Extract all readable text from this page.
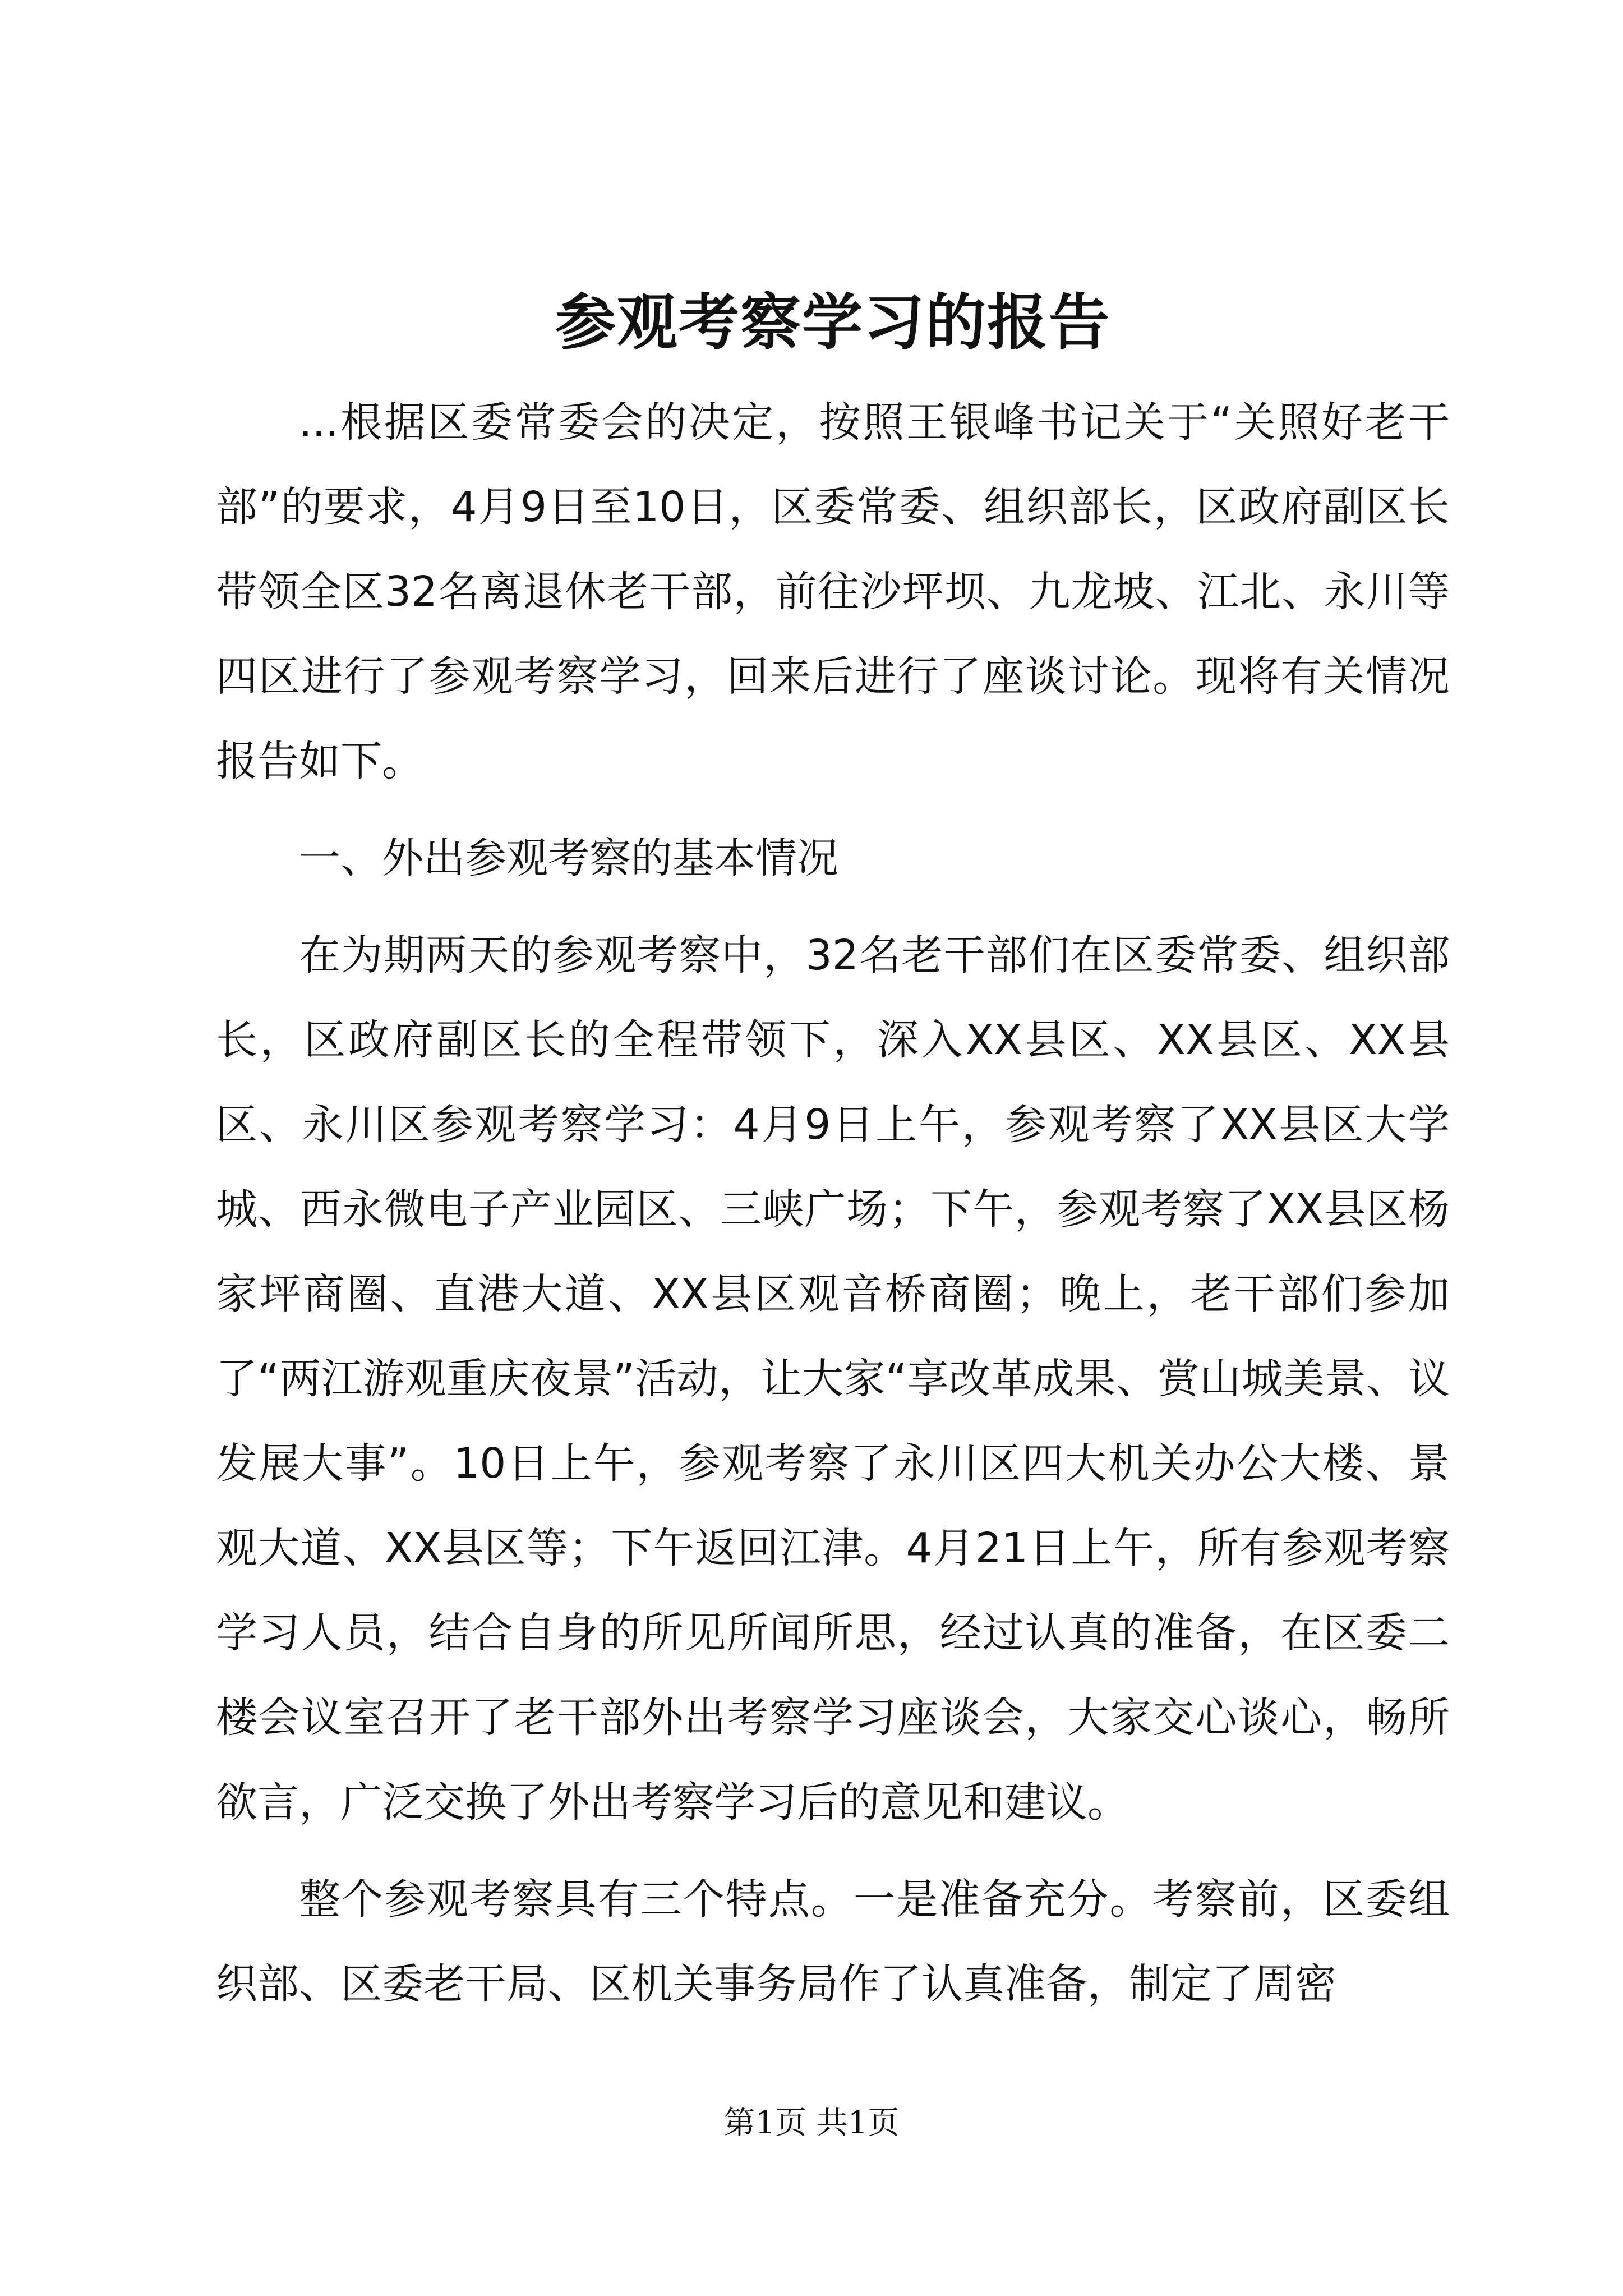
参观考察学习的报告

...根据区委常委会的决定，按照王银峰书记关于“关照好老干部”的要求，4月9日至10日，区委常委、组织部长，区政府副区长带领全区32名离退休老干部，前往沙坪坝、九龙坡、江北、永川等四区进行了参观考察学习，回来后进行了座谈讨论。现将有关情况报告如下。

一、外出参观考察的基本情况

在为期两天的参观考察中，32名老干部们在区委常委、组织部长，区政府副区长的全程带领下，深入XX县区、XX县区、XX县区、永川区参观考察学习：4月9日上午，参观考察了XX县区大学城、西永微电子产业园区、三峡广场；下午，参观考察了XX县区杨家坪商圈、直港大道、XX县区观音桥商圈；晚上，老干部们参加了“两江游观重庆夜景”活动，让大家“享改革成果、赏山城美景、议发展大事”。10日上午，参观考察了永川区四大机关办公大楼、景观大道、XX县区等；下午返回江津。4月21日上午，所有参观考察学习人员，结合自身的所见所闻所思，经过认真的准备，在区委二楼会议室召开了老干部外出考察学习座谈会，大家交心谈心，畅所欲言，广泛交换了外出考察学习后的意见和建议。

整个参观考察具有三个特点。一是准备充分。考察前，区委组织部、区委老干局、区机关事务局作了认真准备，制定了周密

第1页 共1页
